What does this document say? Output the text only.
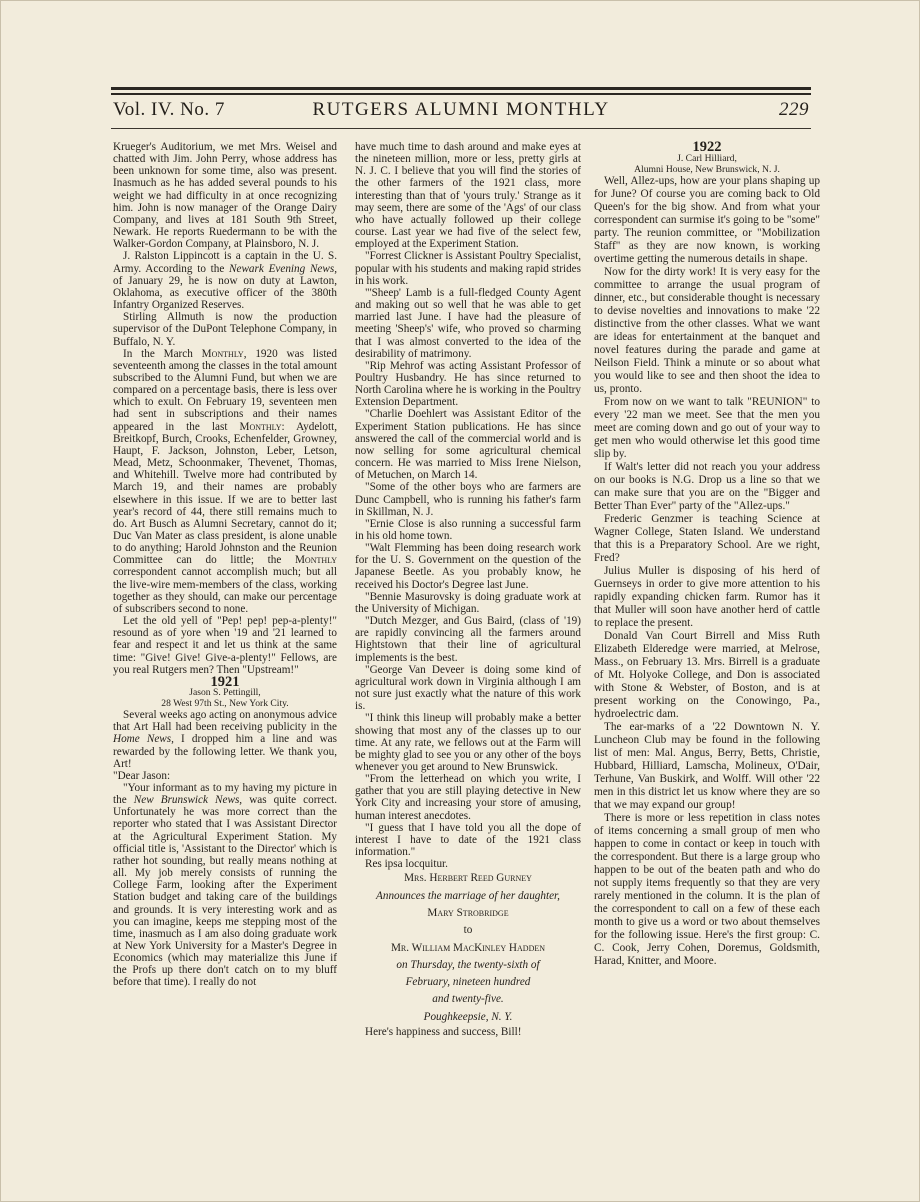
Vol. IV. No. 7	RUTGERS ALUMNI MONTHLY	229

Krueger's Auditorium, we met Mrs. Weisel and chatted with Jim. John Perry, whose address has been unknown for some time, also was present. Inasmuch as he has added several pounds to his weight we had difficulty in at once recognizing him. John is now manager of the Orange Dairy Company, and lives at 181 South 9th Street, Newark. He reports Ruedermann to be with the Walker-Gordon Company, at Plainsboro, N. J.

J. Ralston Lippincott is a captain in the U. S. Army. According to the Newark Evening News, of January 29, he is now on duty at Lawton, Oklahoma, as executive officer of the 380th Infantry Organized Reserves.

Stirling Allmuth is now the production supervisor of the DuPont Telephone Company, in Buffalo, N. Y.

In the March Monthly, 1920 was listed seventeenth among the classes in the total amount subscribed to the Alumni Fund, but when we are compared on a percentage basis, there is less over which to exult. On February 19, seventeen men had sent in subscriptions and their names appeared in the last Monthly: Aydelott, Breitkopf, Burch, Crooks, Echenfelder, Growney, Haupt, F. Jackson, Johnston, Leber, Letson, Mead, Metz, Schoonmaker, Thevenet, Thomas, and Whitehill. Twelve more had contributed by March 19, and their names are probably elsewhere in this issue. If we are to better last year's record of 44, there still remains much to do. Art Busch as Alumni Secretary, cannot do it; Duc Van Mater as class president, is alone unable to do anything; Harold Johnston and the Reunion Committee can do little; the Monthly correspondent cannot accomplish much; but all the live-wire mem-members of the class, working together as they should, can make our percentage of subscribers second to none.

Let the old yell of "Pep! pep! pep-a-plenty!" resound as of yore when '19 and '21 learned to fear and respect it and let us think at the same time: "Give! Give! Give-a-plenty!" Fellows, are you real Rutgers men? Then "Upstream!"

1921

Jason S. Pettingill,
28 West 97th St., New York City.

Several weeks ago acting on anonymous advice that Art Hall had been receiving publicity in the Home News, I dropped him a line and was rewarded by the following letter. We thank you, Art!

"Dear Jason:

"Your informant as to my having my picture in the New Brunswick News, was quite correct. Unfortunately he was more correct than the reporter who stated that I was Assistant Director at the Agricultural Experiment Station. My official title is, 'Assistant to the Director' which is rather hot sounding, but really means nothing at all. My job merely consists of running the College Farm, looking after the Experiment Station budget and taking care of the buildings and grounds. It is very interesting work and as you can imagine, keeps me stepping most of the time, inasmuch as I am also doing graduate work at New York University for a Master's Degree in Economics (which may materialize this June if the Profs up there don't catch on to my bluff before that time). I really do not

have much time to dash around and make eyes at the nineteen million, more or less, pretty girls at N. J. C. I believe that you will find the stories of the other farmers of the 1921 class, more interesting than that of 'yours truly.' Strange as it may seem, there are some of the 'Ags' of our class who have actually followed up their college course. Last year we had five of the select few, employed at the Experiment Station.

"Forrest Clickner is Assistant Poultry Specialist, popular with his students and making rapid strides in his work.

"'Sheep' Lamb is a full-fledged County Agent and making out so well that he was able to get married last June. I have had the pleasure of meeting 'Sheep's' wife, who proved so charming that I was almost converted to the idea of the desirability of matrimony.

"Rip Mehrof was acting Assistant Professor of Poultry Husbandry. He has since returned to North Carolina where he is working in the Poultry Extension Department.

"Charlie Doehlert was Assistant Editor of the Experiment Station publications. He has since answered the call of the commercial world and is now selling for some agricultural chemical concern. He was married to Miss Irene Nielson, of Metuchen, on March 14.

"Some of the other boys who are farmers are Dunc Campbell, who is running his father's farm in Skillman, N. J.

"Ernie Close is also running a successful farm in his old home town.

"Walt Flemming has been doing research work for the U. S. Government on the question of the Japanese Beetle. As you probably know, he received his Doctor's Degree last June.

"Bennie Masurovsky is doing graduate work at the University of Michigan.

"Dutch Mezger, and Gus Baird, (class of '19) are rapidly convincing all the farmers around Hightstown that their line of agricultural implements is the best.

"George Van Deveer is doing some kind of agricultural work down in Virginia although I am not sure just exactly what the nature of this work is.

"I think this lineup will probably make a better showing that most any of the classes up to our time. At any rate, we fellows out at the Farm will be mighty glad to see you or any other of the boys whenever you get around to New Brunswick.

"From the letterhead on which you write, I gather that you are still playing detective in New York City and increasing your store of amusing, human interest anecdotes.

"I guess that I have told you all the dope of interest I have to date of the 1921 class information."

Res ipsa locquitur.

Mrs. Herbert Reed Gurney
Announces the marriage of her daughter,
Mary Strobridge
to
Mr. William MacKinley Hadden
on Thursday, the twenty-sixth of
February, nineteen hundred
and twenty-five.
Poughkeepsie, N. Y.

Here's happiness and success, Bill!

1922

J. Carl Hilliard,
Alumni House, New Brunswick, N. J.

Well, Allez-ups, how are your plans shaping up for June? Of course you are coming back to Old Queen's for the big show. And from what your correspondent can surmise it's going to be "some" party. The reunion committee, or "Mobilization Staff" as they are now known, is working overtime getting the numerous details in shape.

Now for the dirty work! It is very easy for the committee to arrange the usual program of dinner, etc., but considerable thought is necessary to devise novelties and innovations to make '22 distinctive from the other classes. What we want are ideas for entertainment at the banquet and novel features during the parade and game at Neilson Field. Think a minute or so about what you would like to see and then shoot the idea to us, pronto.

From now on we want to talk "REUNION" to every '22 man we meet. See that the men you meet are coming down and go out of your way to get men who would otherwise let this good time slip by.

If Walt's letter did not reach you your address on our books is N.G. Drop us a line so that we can make sure that you are on the "Bigger and Better Than Ever" party of the "Allez-ups."

Frederic Genzmer is teaching Science at Wagner College, Staten Island. We understand that this is a Preparatory School. Are we right, Fred?

Julius Muller is disposing of his herd of Guernseys in order to give more attention to his rapidly expanding chicken farm. Rumor has it that Muller will soon have another herd of cattle to replace the present.

Donald Van Court Birrell and Miss Ruth Elizabeth Elderedge were married, at Melrose, Mass., on February 13. Mrs. Birrell is a graduate of Mt. Holyoke College, and Don is associated with Stone & Webster, of Boston, and is at present working on the Conowingo, Pa., hydroelectric dam.

The ear-marks of a '22 Downtown N. Y. Luncheon Club may be found in the following list of men: Mal. Angus, Berry, Betts, Christie, Hubbard, Hilliard, Lamscha, Molineux, O'Dair, Terhune, Van Buskirk, and Wolff. Will other '22 men in this district let us know where they are so that we may expand our group!

There is more or less repetition in class notes of items concerning a small group of men who happen to come in contact or keep in touch with the correspondent. But there is a large group who happen to be out of the beaten path and who do not supply items frequently so that they are very rarely mentioned in the column. It is the plan of the correspondent to call on a few of these each month to give us a word or two about themselves for the following issue. Here's the first group: C. C. Cook, Jerry Cohen, Doremus, Goldsmith, Harad, Knitter, and Moore.
